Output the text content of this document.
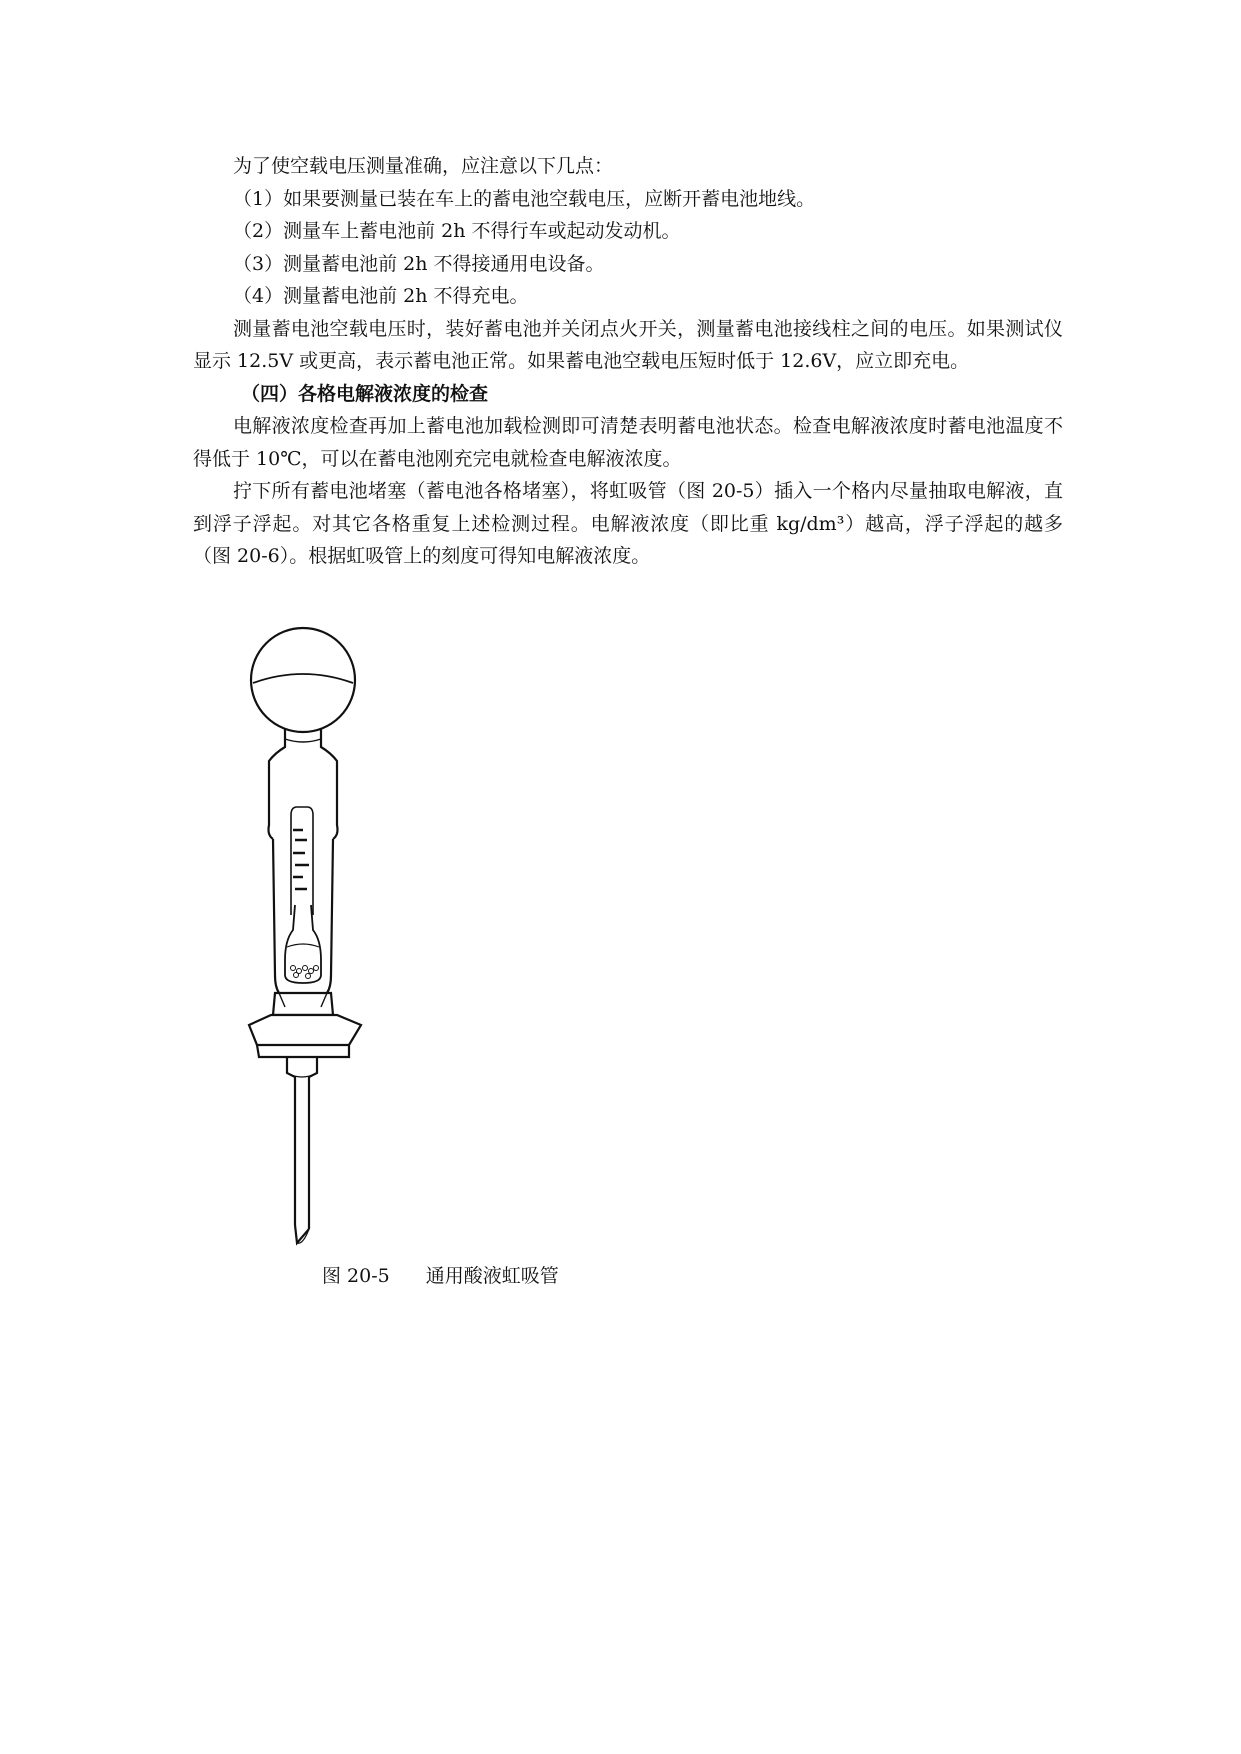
为了使空载电压测量准确，应注意以下几点：

（1）如果要测量已装在车上的蓄电池空载电压，应断开蓄电池地线。

（2）测量车上蓄电池前 2h 不得行车或起动发动机。

（3）测量蓄电池前 2h 不得接通用电设备。

（4）测量蓄电池前 2h 不得充电。

测量蓄电池空载电压时，装好蓄电池并关闭点火开关，测量蓄电池接线柱之间的电压。如果测试仪显示 12.5V 或更高，表示蓄电池正常。如果蓄电池空载电压短时低于 12.6V，应立即充电。

（四）各格电解液浓度的检查

电解液浓度检查再加上蓄电池加载检测即可清楚表明蓄电池状态。检查电解液浓度时蓄电池温度不得低于 10℃，可以在蓄电池刚充完电就检查电解液浓度。

拧下所有蓄电池堵塞（蓄电池各格堵塞），将虹吸管（图 20-5）插入一个格内尽量抽取电解液，直到浮子浮起。对其它各格重复上述检测过程。电解液浓度（即比重 kg/dm³）越高，浮子浮起的越多（图 20-6）。根据虹吸管上的刻度可得知电解液浓度。

图 20-5 通用酸液虹吸管
